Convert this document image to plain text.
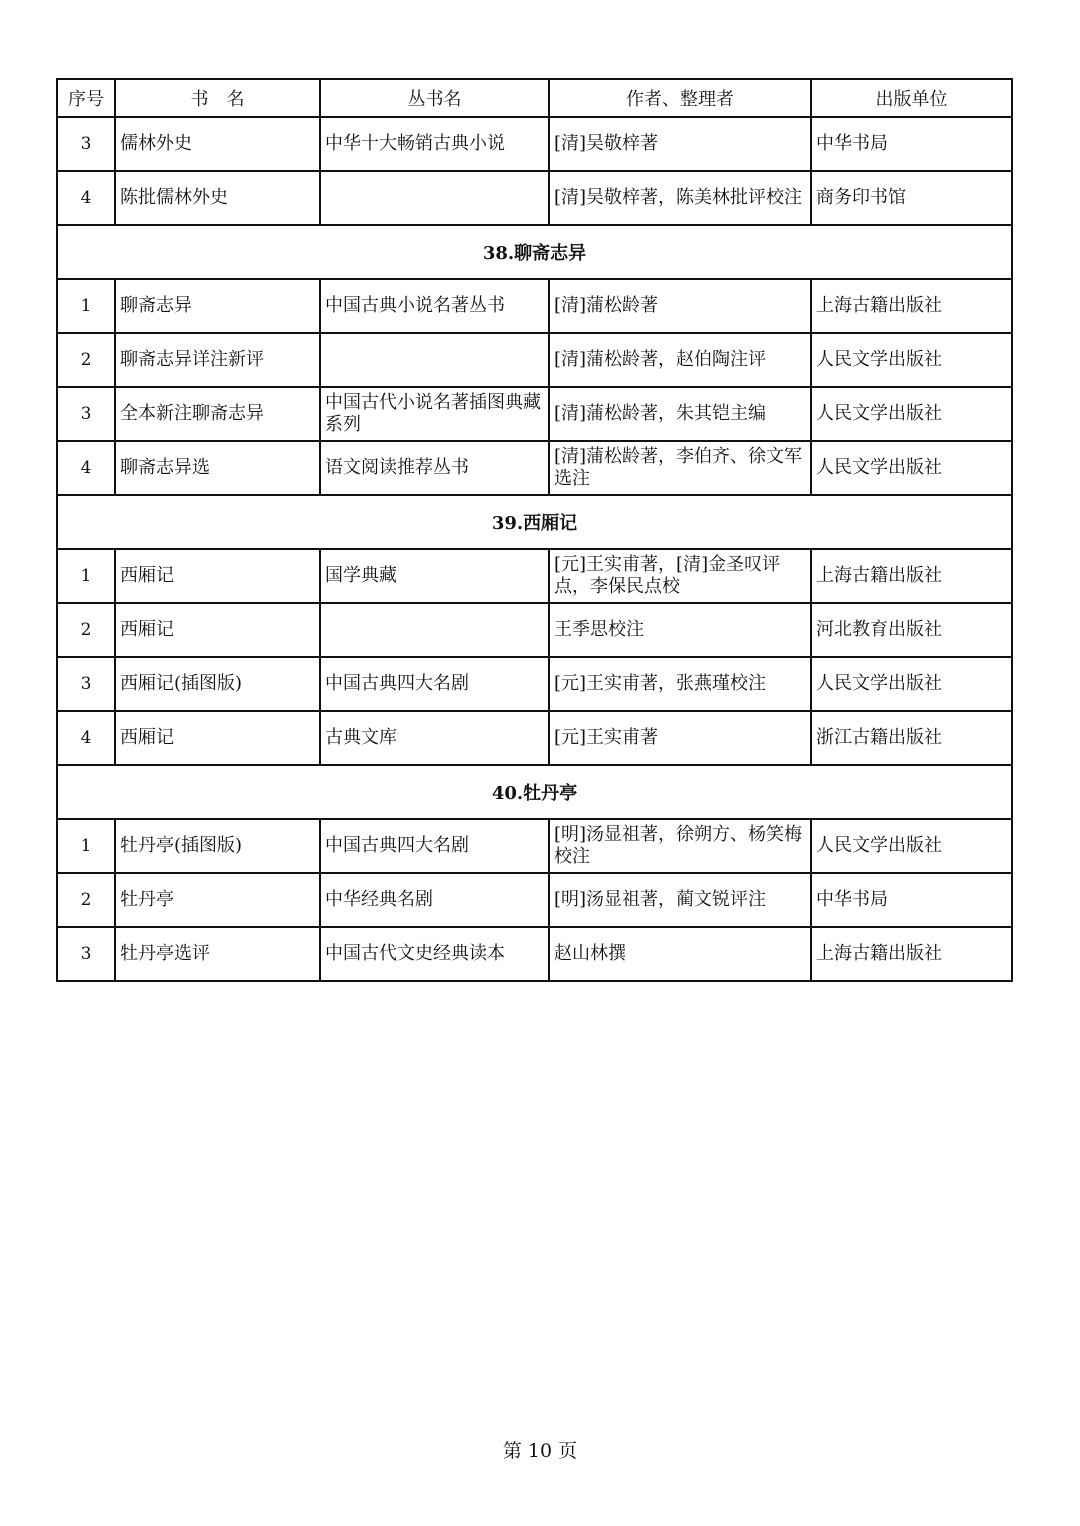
序号	书　名	丛书名	作者、整理者	出版单位
3	儒林外史	中华十大畅销古典小说	[清]吴敬梓著	中华书局
4	陈批儒林外史		[清]吴敬梓著，陈美林批评校注	商务印书馆
38.聊斋志异				
1	聊斋志异	中国古典小说名著丛书	[清]蒲松龄著	上海古籍出版社
2	聊斋志异详注新评		[清]蒲松龄著，赵伯陶注评	人民文学出版社
3	全本新注聊斋志异	中国古代小说名著插图典藏系列	[清]蒲松龄著，朱其铠主编	人民文学出版社
4	聊斋志异选	语文阅读推荐丛书	[清]蒲松龄著，李伯齐、徐文军选注	人民文学出版社
39.西厢记				
1	西厢记	国学典藏	[元]王实甫著，[清]金圣叹评点，李保民点校	上海古籍出版社
2	西厢记		王季思校注	河北教育出版社
3	西厢记(插图版)	中国古典四大名剧	[元]王实甫著，张燕瑾校注	人民文学出版社
4	西厢记	古典文库	[元]王实甫著	浙江古籍出版社
40.牡丹亭				
1	牡丹亭(插图版)	中国古典四大名剧	[明]汤显祖著，徐朔方、杨笑梅校注	人民文学出版社
2	牡丹亭	中华经典名剧	[明]汤显祖著，蔺文锐评注	中华书局
3	牡丹亭选评	中国古代文史经典读本	赵山林撰	上海古籍出版社
第 10 页
